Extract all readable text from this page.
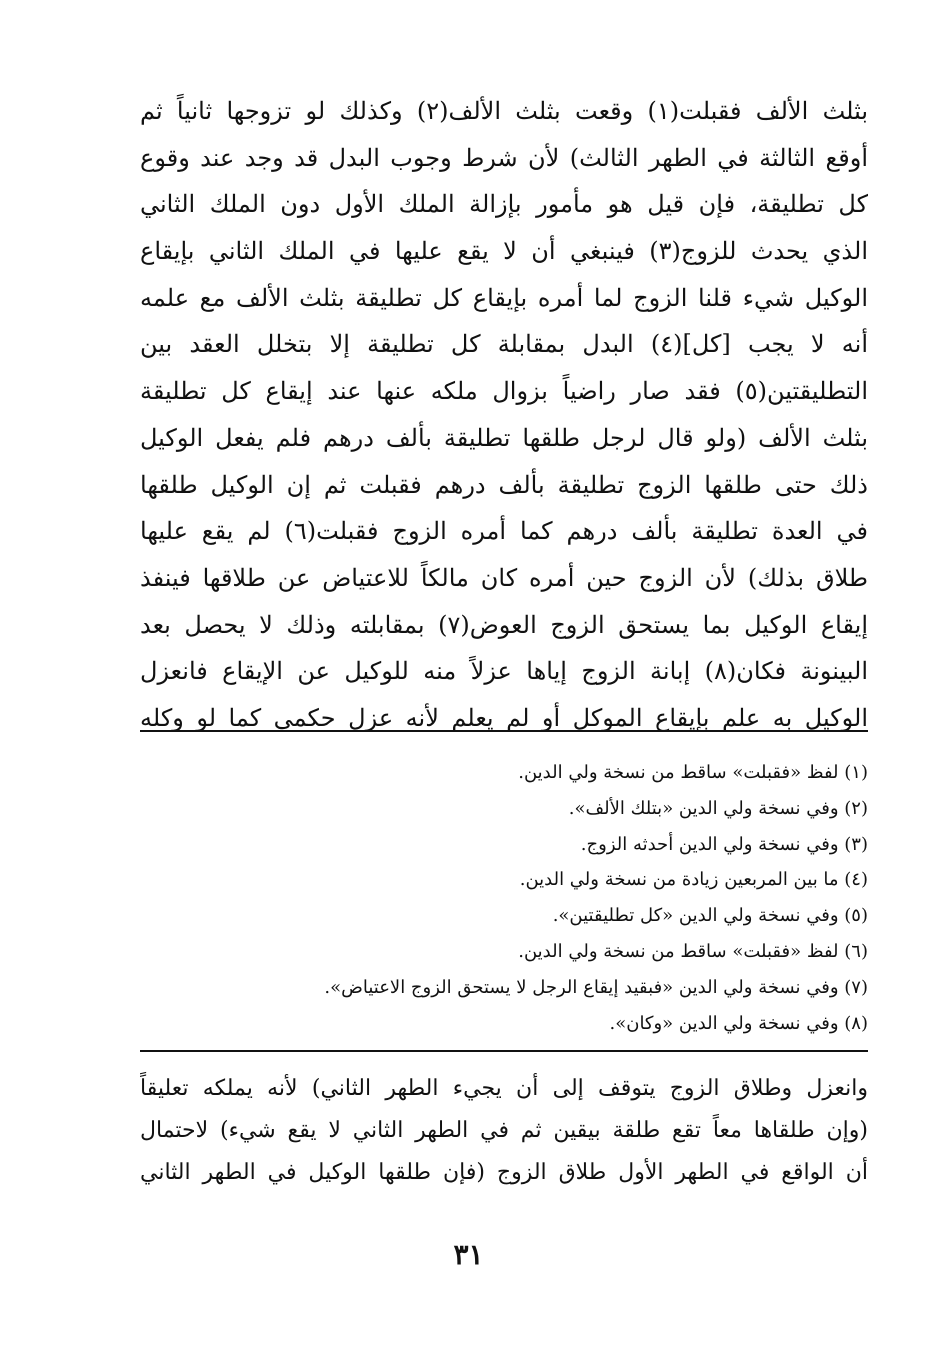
بثلث الألف فقبلت(١) وقعت بثلث الألف(٢) وكذلك لو تزوجها ثانياً ثم
أوقع الثالثة في الطهر الثالث) لأن شرط وجوب البدل قد وجد عند وقوع
كل تطليقة، فإن قيل هو مأمور بإزالة الملك الأول دون الملك الثاني
الذي يحدث للزوج(٣) فينبغي أن لا يقع عليها في الملك الثاني بإيقاع
الوكيل شيء قلنا الزوج لما أمره بإيقاع كل تطليقة بثلث الألف مع علمه
أنه لا يجب [كل](٤) البدل بمقابلة كل تطليقة إلا بتخلل العقد بين
التطليقتين(٥) فقد صار راضياً بزوال ملكه عنها عند إيقاع كل تطليقة
بثلث الألف (ولو قال لرجل طلقها تطليقة بألف درهم فلم يفعل الوكيل
ذلك حتى طلقها الزوج تطليقة بألف درهم فقبلت ثم إن الوكيل طلقها
في العدة تطليقة بألف درهم كما أمره الزوج فقبلت(٦) لم يقع عليها
طلاق بذلك) لأن الزوج حين أمره كان مالكاً للاعتياض عن طلاقها فينفذ
إيقاع الوكيل بما يستحق الزوج العوض(٧) بمقابلته وذلك لا يحصل بعد
البينونة فكان(٨) إبانة الزوج إياها عزلاً منه للوكيل عن الإيقاع فانعزل
الوكيل به علم بإيقاع الموكل أو لم يعلم لأنه عزل حكمي كما لو وكله
(١) لفظ «فقبلت» ساقط من نسخة ولي الدين.
(٢) وفي نسخة ولي الدين «بتلك الألف».
(٣) وفي نسخة ولي الدين أحدثه الزوج.
(٤) ما بين المربعين زيادة من نسخة ولي الدين.
(٥) وفي نسخة ولي الدين «كل تطليقتين».
(٦) لفظ «فقبلت» ساقط من نسخة ولي الدين.
(٧) وفي نسخة ولي الدين «فبقيد إيقاع الرجل لا يستحق الزوج الاعتياض».
(٨) وفي نسخة ولي الدين «وكان».
وانعزل وطلاق الزوج يتوقف إلى أن يجيء الطهر الثاني) لأنه يملكه تعليقاً
(وإن طلقاها معاً تقع طلقة بيقين ثم في الطهر الثاني لا يقع شيء) لاحتمال
أن الواقع في الطهر الأول طلاق الزوج (فإن طلقها الوكيل في الطهر الثاني
٣١
